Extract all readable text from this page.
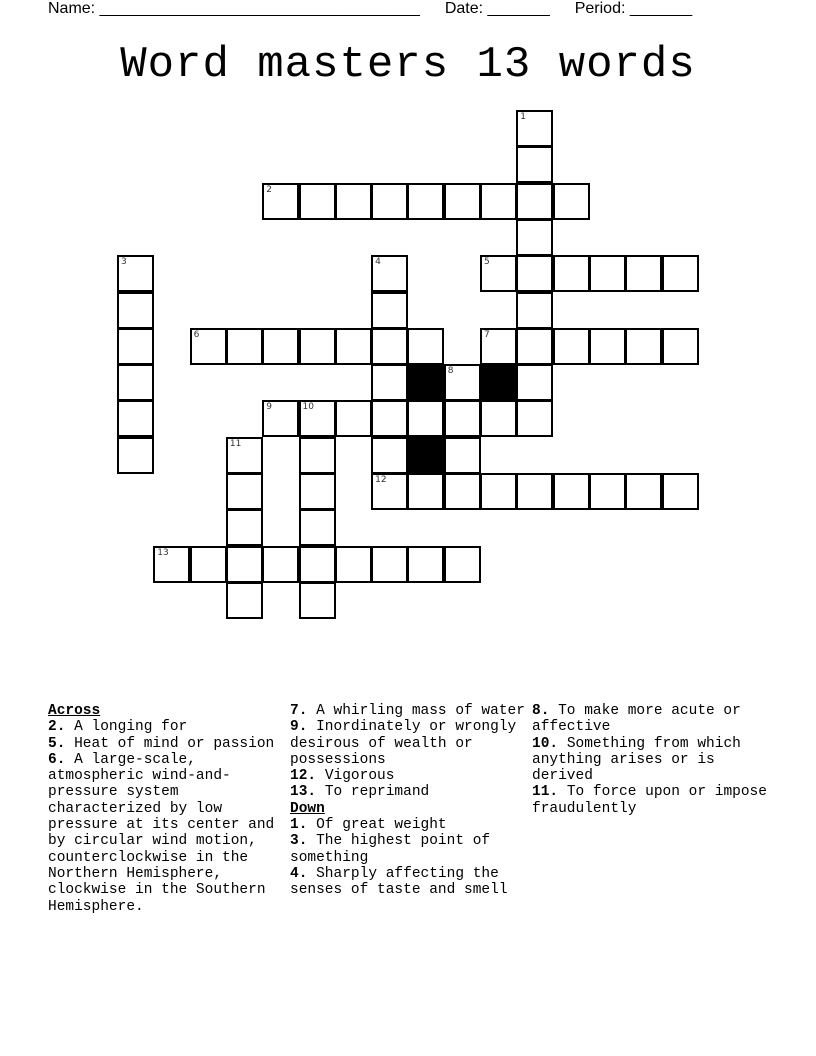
Name: ____________________________________ Date: _______ Period: _______
Word masters 13 words
1
2
3	4	5
6	7
8
9	10
11
12
13
Across
2. A longing for
5. Heat of mind or passion
6. A large-scale, atmospheric wind-and-pressure system characterized by low pressure at its center and by circular wind motion, counterclockwise in the Northern Hemisphere, clockwise in the Southern Hemisphere.
7. A whirling mass of water
9. Inordinately or wrongly desirous of wealth or possessions
12. Vigorous
13. To reprimand
Down
1. Of great weight
3. The highest point of something
4. Sharply affecting the senses of taste and smell
8. To make more acute or affective
10. Something from which anything arises or is derived
11. To force upon or impose fraudulently
